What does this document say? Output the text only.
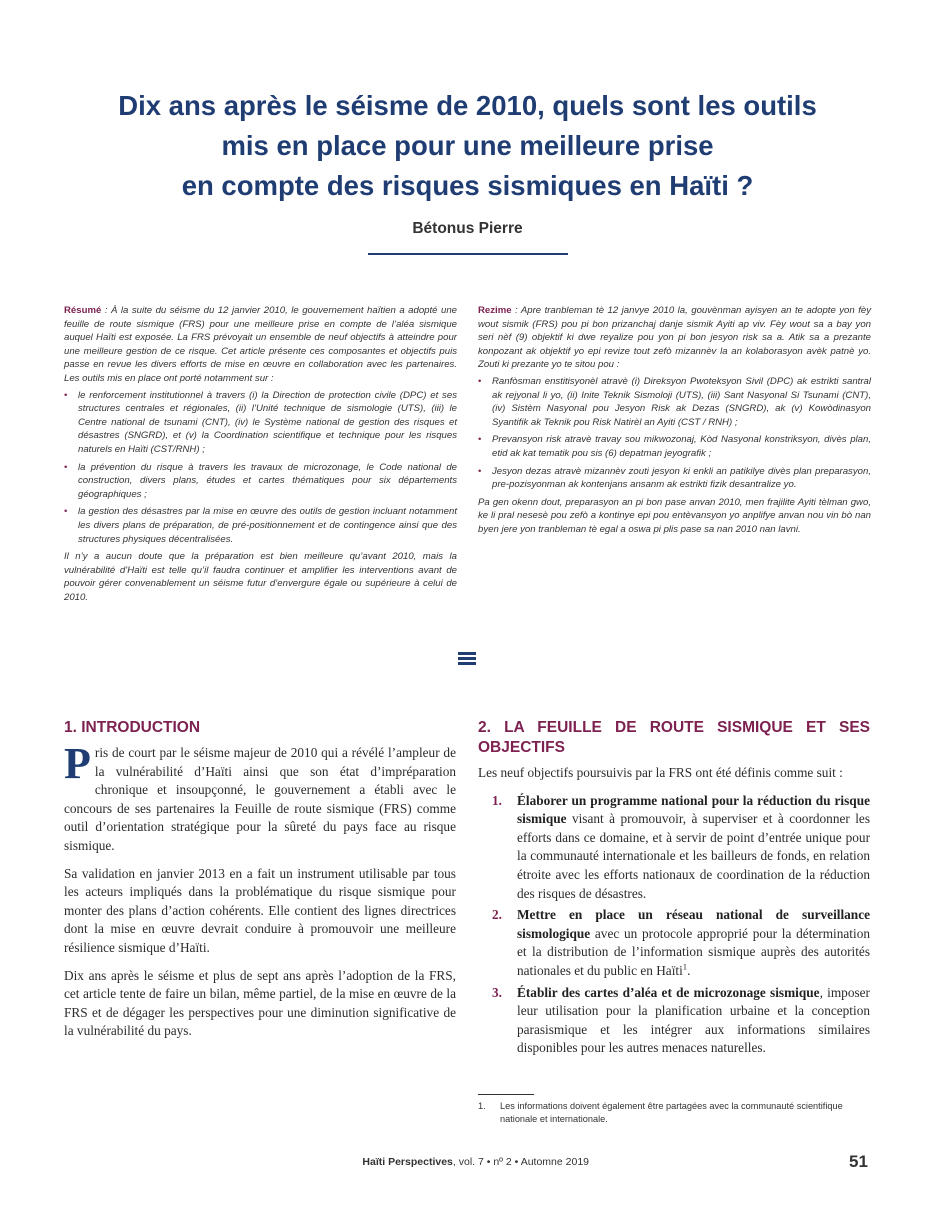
Dix ans après le séisme de 2010, quels sont les outils
mis en place pour une meilleure prise
en compte des risques sismiques en Haïti ?
Bétonus Pierre

Résumé : À la suite du séisme du 12 janvier 2010, le gouvernement haïtien a adopté une feuille de route sismique (FRS) pour une meilleure prise en compte de l’aléa sismique auquel Haïti est exposée. La FRS prévoyait un ensemble de neuf objectifs à atteindre pour une meilleure gestion de ce risque. Cet article présente ces composantes et objectifs puis passe en revue les divers efforts de mise en œuvre en collaboration avec les partenaires. Les outils mis en place ont porté notamment sur :

• le renforcement institutionnel à travers (i) la Direction de protection civile (DPC) et ses structures centrales et régionales, (ii) l’Unité technique de sismologie (UTS), (iii) le Centre national de tsunami (CNT), (iv) le Système national de gestion des risques et désastres (SNGRD), et (v) la Coordination scientifique et technique pour les risques naturels en Haïti (CST/RNH) ;
• la prévention du risque à travers les travaux de microzonage, le Code national de construction, divers plans, études et cartes thématiques pour six départements géographiques ;
• la gestion des désastres par la mise en œuvre des outils de gestion incluant notamment les divers plans de préparation, de pré-positionnement et de contingence ainsi que des structures physiques décentralisées.

Il n’y a aucun doute que la préparation est bien meilleure qu’avant 2010, mais la vulnérabilité d’Haïti est telle qu’il faudra continuer et amplifier les interventions avant de pouvoir gérer convenablement un séisme futur d’envergure égale ou supérieure à celui de 2010.

Rezime : Apre tranbleman tè 12 janvye 2010 la, gouvènman ayisyen an te adopte yon fèy wout sismik (FRS) pou pi bon prizanchaj danje sismik Ayiti ap viv. Fèy wout sa a bay yon seri nèf (9) objektif ki dwe reyalize pou yon pi bon jesyon risk sa a. Atik sa a prezante konpozant ak objektif yo epi revize tout zefò mizannèv la an kolaborasyon avèk patnè yo. Zouti ki prezante yo te sitou pou :

• Ranfòsman enstitisyonèl atravè (i) Direksyon Pwoteksyon Sivil (DPC) ak estrikti santral ak rejyonal li yo, (ii) Inite Teknik Sismoloji (UTS), (iii) Sant Nasyonal Si Tsunami (CNT), (iv) Sistèm Nasyonal pou Jesyon Risk ak Dezas (SNGRD), ak (v) Kowòdinasyon Syantifik ak Teknik pou Risk Natirèl an Ayiti (CST / RNH) ;
• Prevansyon risk atravè travay sou mikwozonaj, Kòd Nasyonal konstriksyon, divès plan, etid ak kat tematik pou sis (6) depatman jeyografik ;
• Jesyon dezas atravè mizannèv zouti jesyon ki enkli an patikilye divès plan preparasyon, pre-pozisyonman ak kontenjans ansanm ak estrikti fizik desantralize yo.

Pa gen okenn dout, preparasyon an pi bon pase anvan 2010, men frajilite Ayiti tèlman gwo, ke li pral nesesè pou zefò a kontinye epi pou entèvansyon yo anplifye anvan nou vin bò nan byen jere yon tranbleman tè egal a oswa pi plis pase sa nan 2010 nan lavni.

1. INTRODUCTION

Pris de court par le séisme majeur de 2010 qui a révélé l’ampleur de la vulnérabilité d’Haïti ainsi que son état d’impréparation chronique et insoupçonné, le gouvernement a établi avec le concours de ses partenaires la Feuille de route sismique (FRS) comme outil d’orientation stratégique pour la sûreté du pays face au risque sismique.

Sa validation en janvier 2013 en a fait un instrument utilisable par tous les acteurs impliqués dans la problématique du risque sismique pour monter des plans d’action cohérents. Elle contient des lignes directrices dont la mise en œuvre devrait conduire à promouvoir une meilleure résilience sismique d’Haïti.

Dix ans après le séisme et plus de sept ans après l’adoption de la FRS, cet article tente de faire un bilan, même partiel, de la mise en œuvre de la FRS et de dégager les perspectives pour une diminution significative de la vulnérabilité du pays.

2. LA FEUILLE DE ROUTE SISMIQUE ET SES OBJECTIFS

Les neuf objectifs poursuivis par la FRS ont été définis comme suit :

1. Élaborer un programme national pour la réduction du risque sismique visant à promouvoir, à superviser et à coordonner les efforts dans ce domaine, et à servir de point d’entrée unique pour la communauté internationale et les bailleurs de fonds, en relation étroite avec les efforts nationaux de coordination de la réduction des risques de désastres.
2. Mettre en place un réseau national de surveillance sismologique avec un protocole approprié pour la détermination et la distribution de l’information sismique auprès des autorités nationales et du public en Haïti$^1$.
3. Établir des cartes d’aléa et de microzonage sismique, imposer leur utilisation pour la planification urbaine et la conception parasismique et les intégrer aux informations similaires disponibles pour les autres menaces naturelles.
1.	Les informations doivent également être partagées avec la communauté scientifique nationale et internationale.
Haïti Perspectives, vol. 7 • nº 2 • Automne 2019	51
